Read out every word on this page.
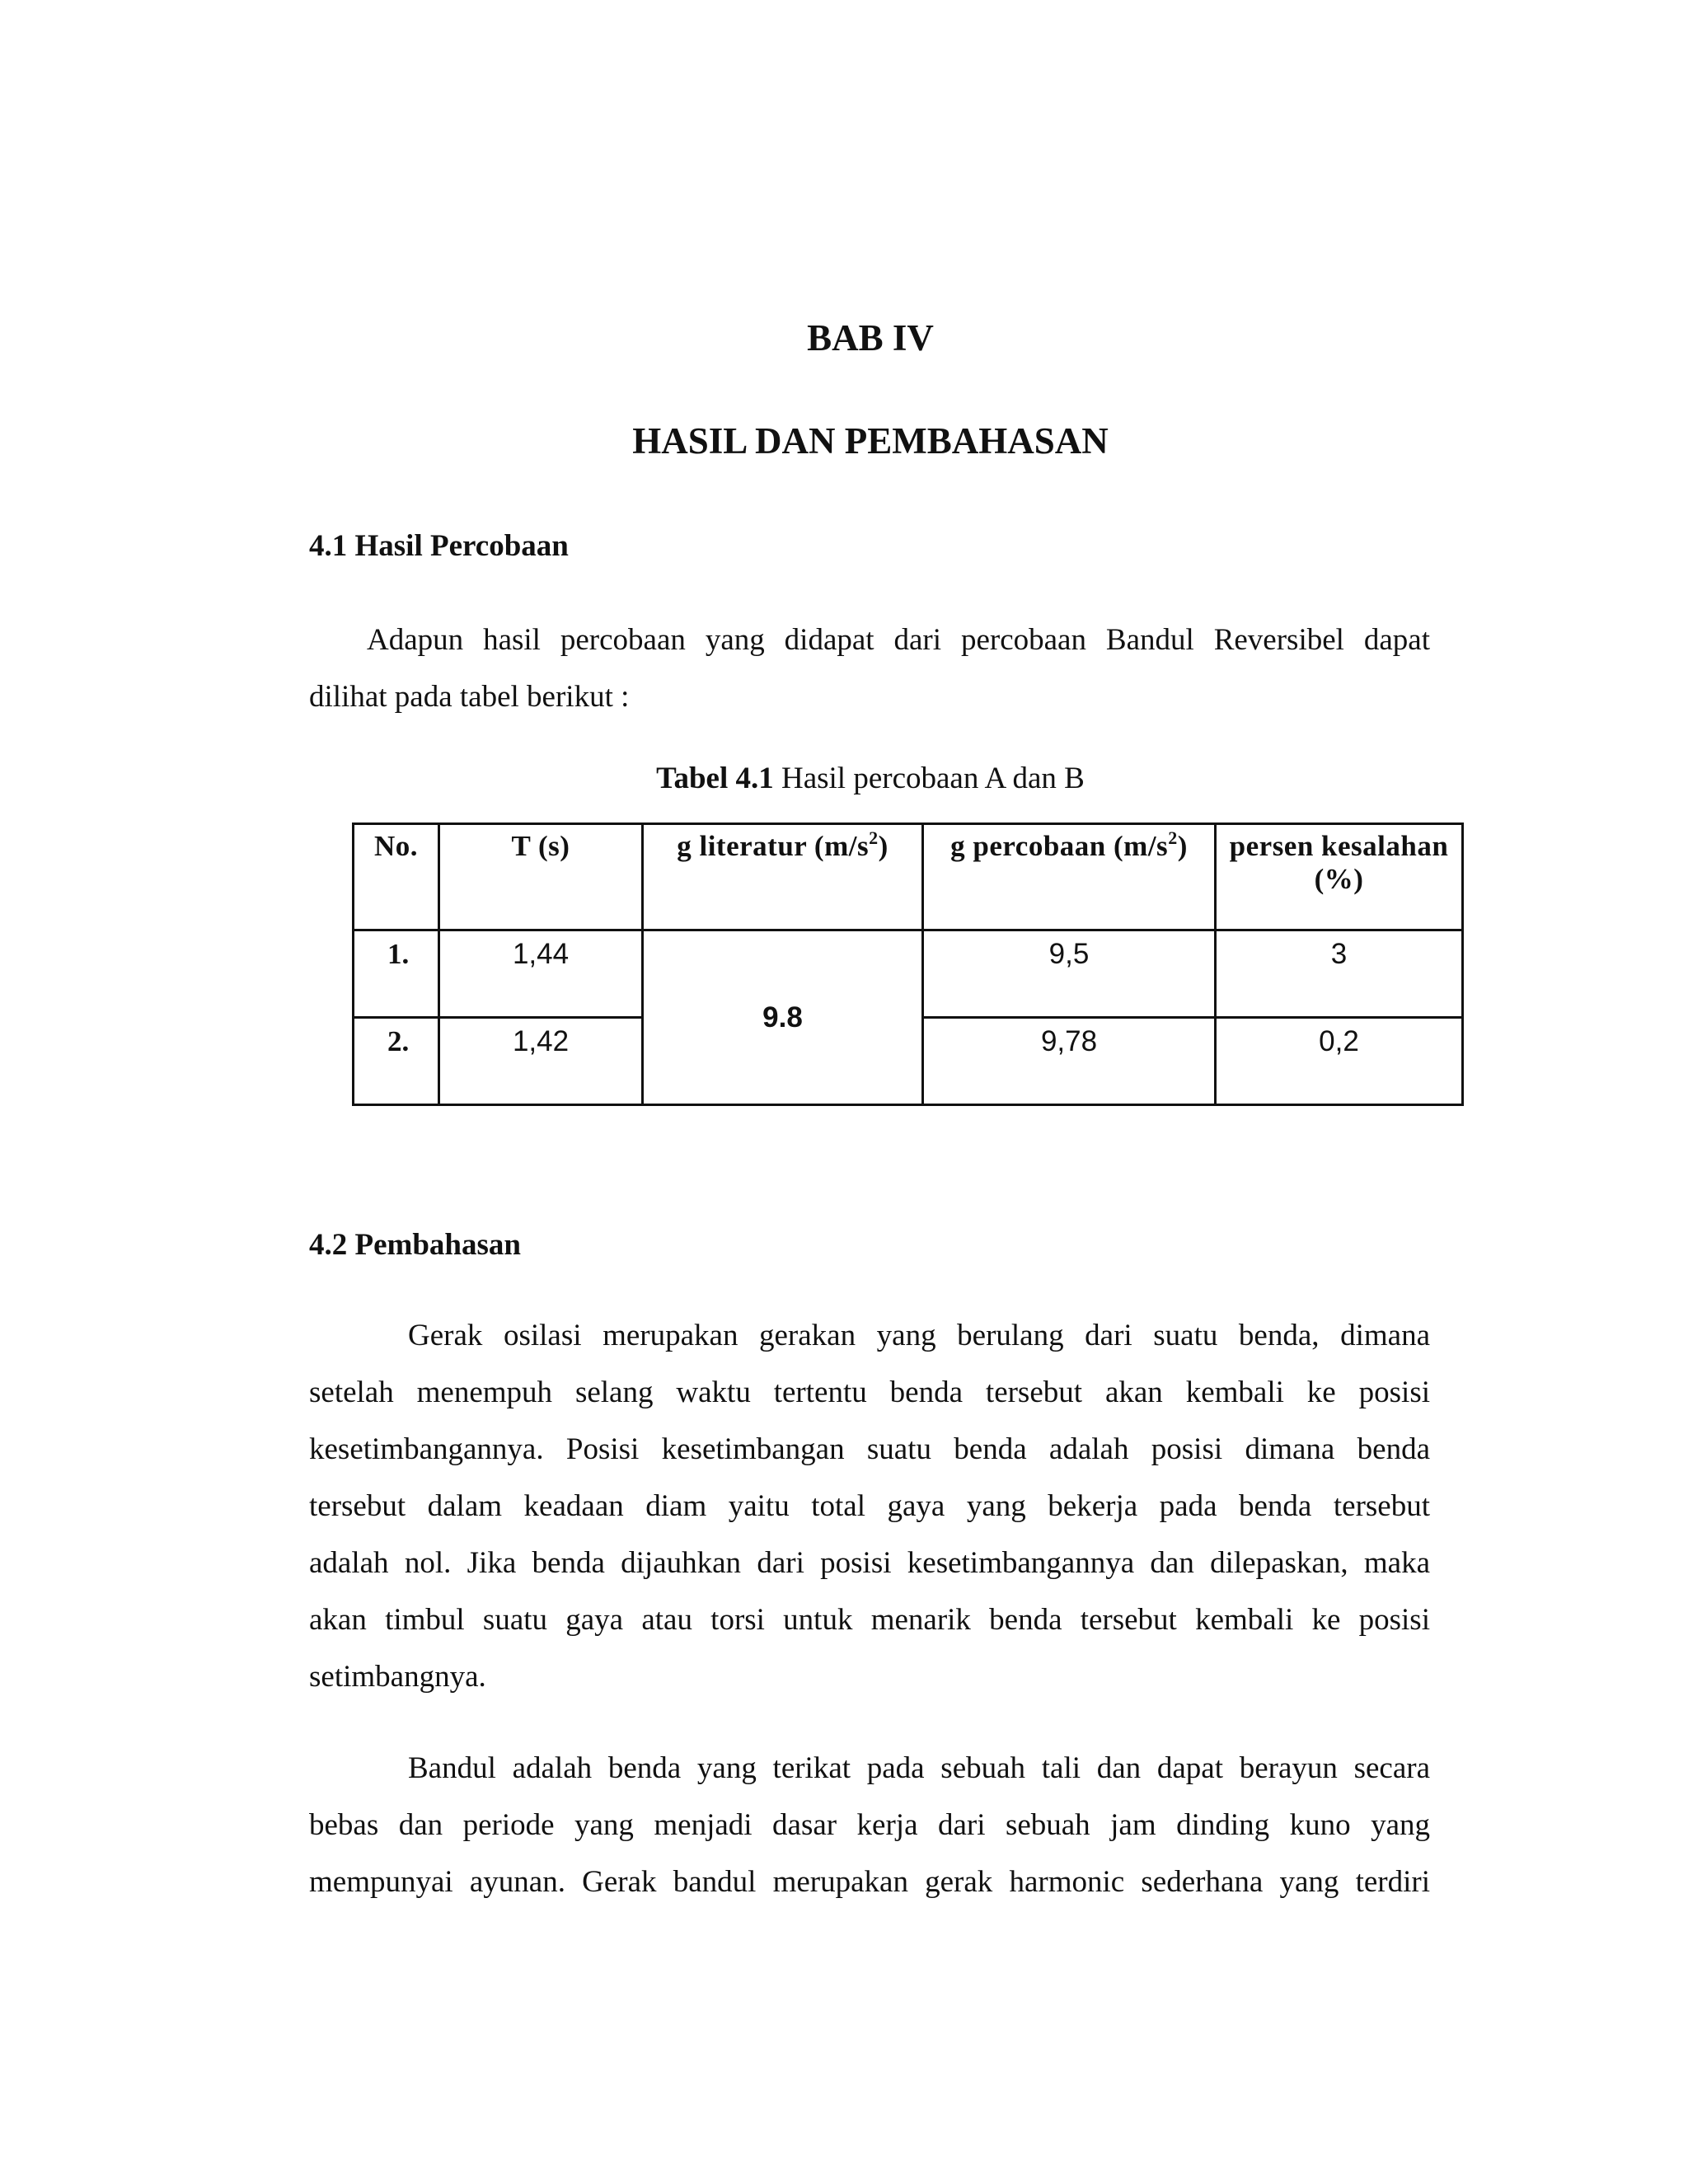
BAB IV
HASIL DAN PEMBAHASAN
4.1 Hasil Percobaan
Adapun hasil percobaan yang didapat dari percobaan Bandul Reversibel dapat
dilihat pada tabel berikut :
Tabel 4.1 Hasil percobaan A dan B
No.	T (s)	g literatur $(m/s^2)$	g percobaan $(m/s^2)$	persen kesalahan
(%)
1.	1,44	9.8	9,5	3
2.	1,42		9,78	0,2
4.2 Pembahasan
Gerak osilasi merupakan gerakan yang berulang dari suatu benda, dimana
setelah menempuh selang waktu tertentu benda tersebut akan kembali ke posisi
kesetimbangannya. Posisi kesetimbangan suatu benda adalah posisi dimana benda
tersebut dalam keadaan diam yaitu total gaya yang bekerja pada benda tersebut
adalah nol. Jika benda dijauhkan dari posisi kesetimbangannya dan dilepaskan, maka
akan timbul suatu gaya atau torsi untuk menarik benda tersebut kembali ke posisi
setimbangnya.
Bandul adalah benda yang terikat pada sebuah tali dan dapat berayun secara
bebas dan periode yang menjadi dasar kerja dari sebuah jam dinding kuno yang
mempunyai ayunan. Gerak bandul merupakan gerak harmonic sederhana yang terdiri
